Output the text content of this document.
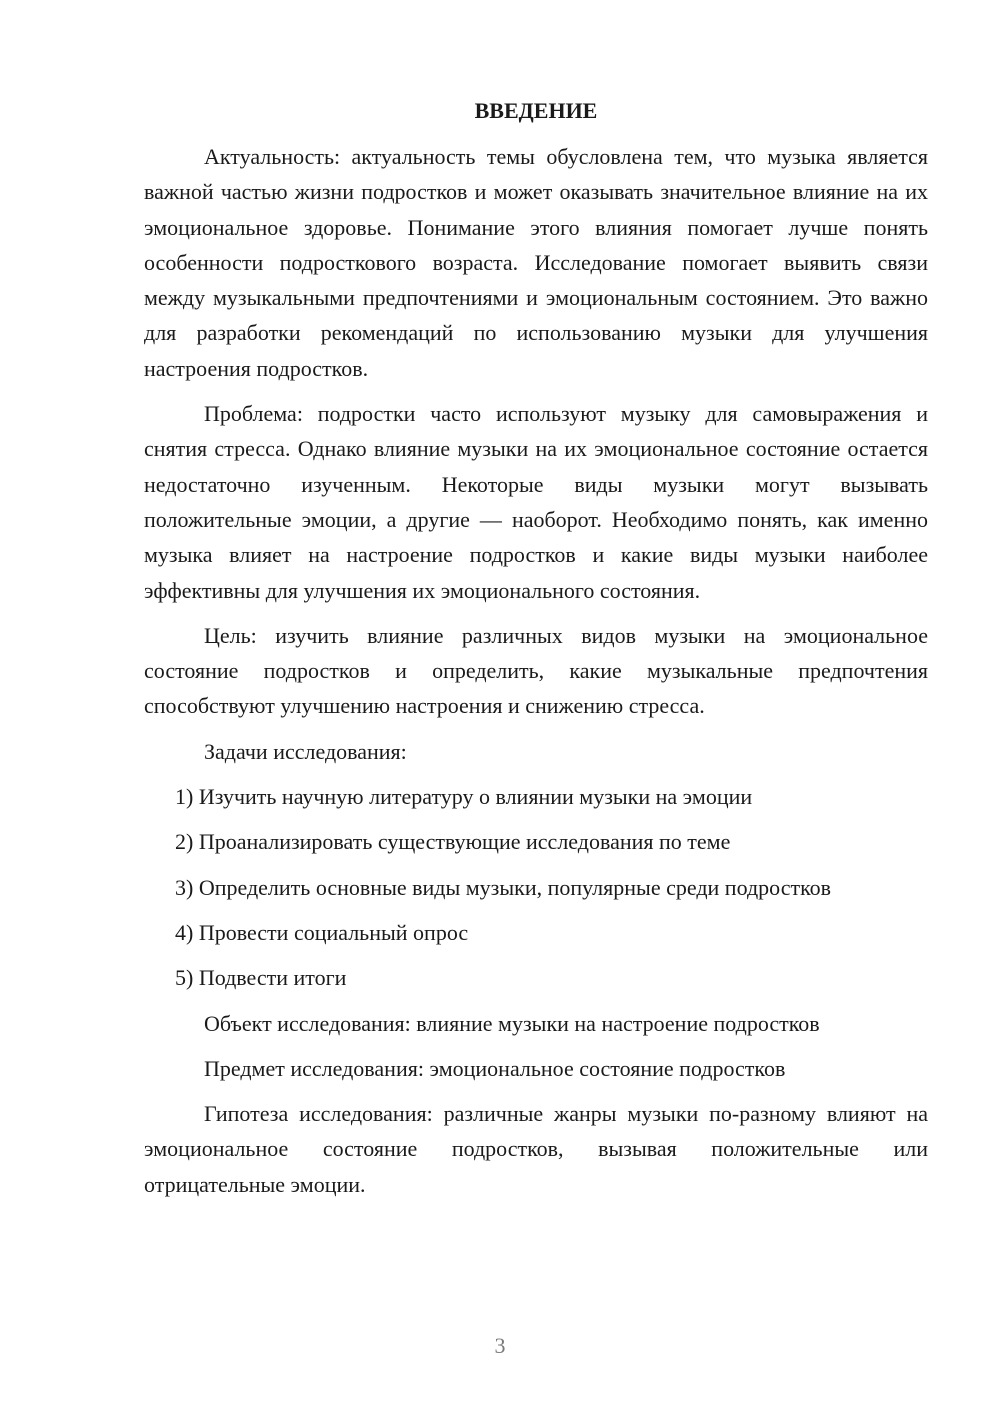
ВВЕДЕНИЕ

Актуальность: актуальность темы обусловлена тем, что музыка является важной частью жизни подростков и может оказывать значительное влияние на их эмоциональное здоровье. Понимание этого влияния помогает лучше понять особенности подросткового возраста. Исследование помогает выявить связи между музыкальными предпочтениями и эмоциональным состоянием. Это важно для разработки рекомендаций по использованию музыки для улучшения настроения подростков.

Проблема: подростки часто используют музыку для самовыражения и снятия стресса. Однако влияние музыки на их эмоциональное состояние остается недостаточно изученным. Некоторые виды музыки могут вызывать положительные эмоции, а другие — наоборот. Необходимо понять, как именно музыка влияет на настроение подростков и какие виды музыки наиболее эффективны для улучшения их эмоционального состояния.

Цель: изучить влияние различных видов музыки на эмоциональное состояние подростков и определить, какие музыкальные предпочтения способствуют улучшению настроения и снижению стресса.

Задачи исследования:

1) Изучить научную литературу о влиянии музыки на эмоции

2) Проанализировать существующие исследования по теме

3) Определить основные виды музыки, популярные среди подростков

4) Провести социальный опрос

5) Подвести итоги

Объект исследования: влияние музыки на настроение подростков

Предмет исследования: эмоциональное состояние подростков

Гипотеза исследования: различные жанры музыки по-разному влияют на эмоциональное состояние подростков, вызывая положительные или отрицательные эмоции.

3
